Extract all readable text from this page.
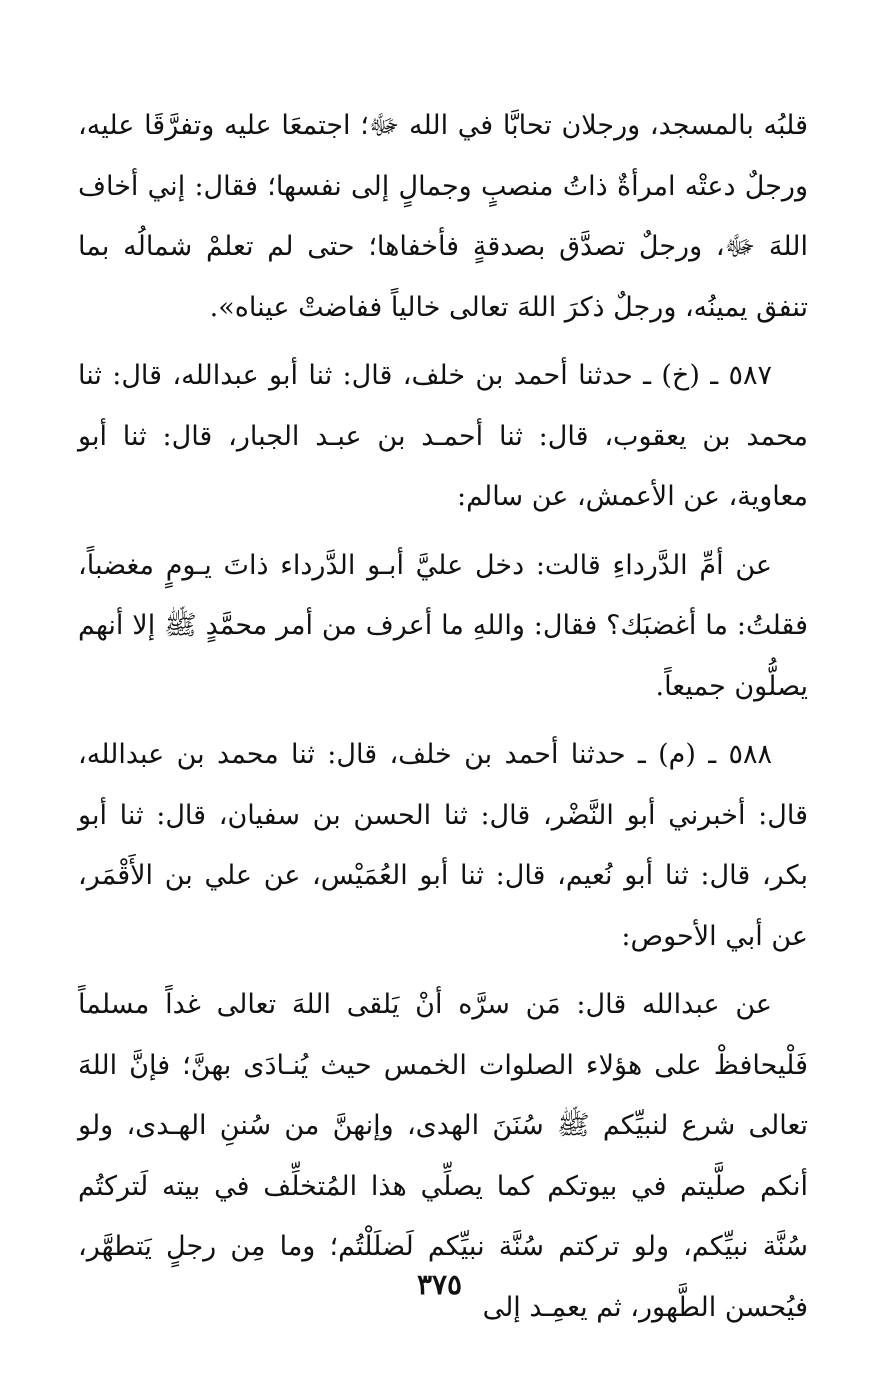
قلبُه بالمسجد، ورجلان تحابَّا في الله ﷻ؛ اجتمعَا عليه وتفرَّقَا عليه، ورجلٌ دعتْه امرأةٌ ذاتُ منصبٍ وجمالٍ إلى نفسها؛ فقال: إني أخاف اللهَ ﷻ، ورجلٌ تصدَّق بصدقةٍ فأخفاها؛ حتى لم تعلمْ شمالُه بما تنفق يمينُه، ورجلٌ ذكرَ اللهَ تعالى خالياً ففاضتْ عيناه».

٥٨٧ ـ (خ) ـ حدثنا أحمد بن خلف، قال: ثنا أبو عبدالله، قال: ثنا محمد بن يعقوب، قال: ثنا أحمـد بن عبـد الجبار، قال: ثنا أبو معاوية، عن الأعمش، عن سالم:

عن أمِّ الدَّرداءِ قالت: دخل عليَّ أبـو الدَّرداء ذاتَ يـومٍ مغضباً، فقلتُ: ما أغضبَك؟ فقال: واللهِ ما أعرف من أمر محمَّدٍ ﷺ إلا أنهم يصلُّون جميعاً.

٥٨٨ ـ (م) ـ حدثنا أحمد بن خلف، قال: ثنا محمد بن عبدالله، قال: أخبرني أبو النَّضْر، قال: ثنا الحسن بن سفيان، قال: ثنا أبو بكر، قال: ثنا أبو نُعيم، قال: ثنا أبو العُمَيْس، عن علي بن الأَقْمَر، عن أبي الأحوص:

عن عبدالله قال: مَن سرَّه أنْ يَلقى اللهَ تعالى غداً مسلماً فَلْيحافظْ على هؤلاء الصلوات الخمس حيث يُنـادَى بهنَّ؛ فإنَّ اللهَ تعالى شرع لنبيِّكم ﷺ سُنَنَ الهدى، وإنهنَّ من سُننِ الهـدى، ولو أنكم صلَّيتم في بيوتكم كما يصلِّي هذا المُتخلِّف في بيته لَتركتُم سُنَّة نبيِّكم، ولو تركتم سُنَّة نبيِّكم لَضلَلْتُم؛ وما مِن رجلٍ يَتطهَّر، فيُحسن الطَّهور، ثم يعمِـد إلى

٣٧٥
